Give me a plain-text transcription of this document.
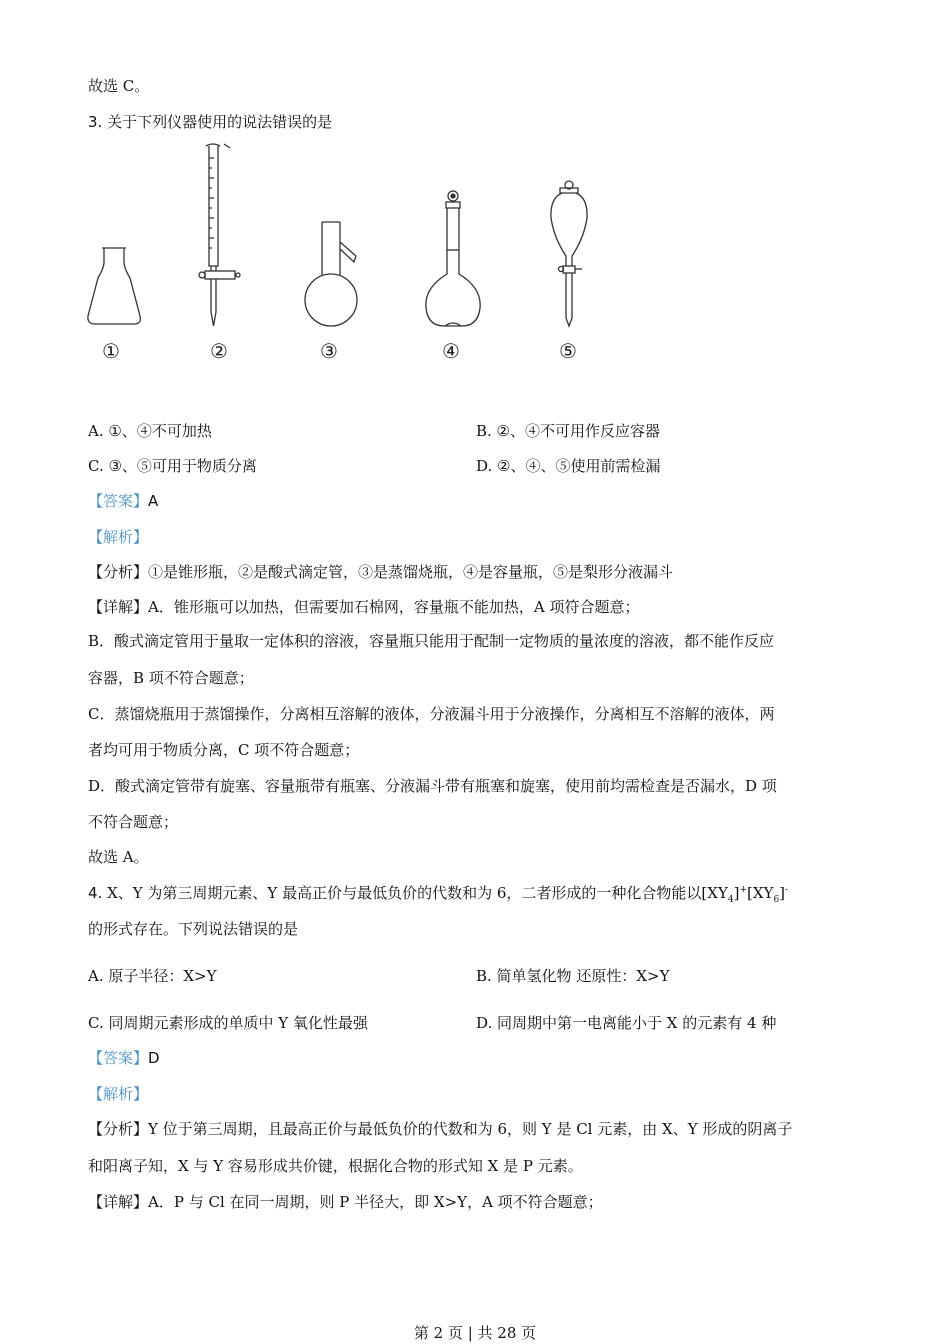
故选 C。
3. 关于下列仪器使用的说法错误的是
①	②	③	④	⑤
A. ①、④不可加热	B. ②、④不可用作反应容器
C. ③、⑤可用于物质分离	D. ②、④、⑤使用前需检漏
【答案】A
【解析】
【分析】①是锥形瓶，②是酸式滴定管，③是蒸馏烧瓶，④是容量瓶，⑤是梨形分液漏斗
【详解】A．锥形瓶可以加热，但需要加石棉网，容量瓶不能加热，A 项符合题意；
B．酸式滴定管用于量取一定体积的溶液，容量瓶只能用于配制一定物质的量浓度的溶液，都不能作反应
容器，B 项不符合题意；
C．蒸馏烧瓶用于蒸馏操作，分离相互溶解的液体，分液漏斗用于分液操作，分离相互不溶解的液体，两
者均可用于物质分离，C 项不符合题意；
D．酸式滴定管带有旋塞、容量瓶带有瓶塞、分液漏斗带有瓶塞和旋塞，使用前均需检查是否漏水，D 项
不符合题意；
故选 A。
4. X、Y 为第三周期元素、Y 最高正价与最低负价的代数和为 6，二者形成的一种化合物能以$[XY_4]^+[XY_6]^-$
的形式存在。下列说法错误的是
A. 原子半径：X>Y	B. 简单氢化物 还原性：X>Y
C. 同周期元素形成的单质中 Y 氧化性最强	D. 同周期中第一电离能小于 X 的元素有 4 种
【答案】D
【解析】
【分析】Y 位于第三周期，且最高正价与最低负价的代数和为 6，则 Y 是 Cl 元素，由 X、Y 形成的阴离子
和阳离子知，X 与 Y 容易形成共价键，根据化合物的形式知 X 是 P 元素。
【详解】A．P 与 Cl 在同一周期，则 P 半径大，即 X>Y，A 项不符合题意；
第 2 页 | 共 28 页
